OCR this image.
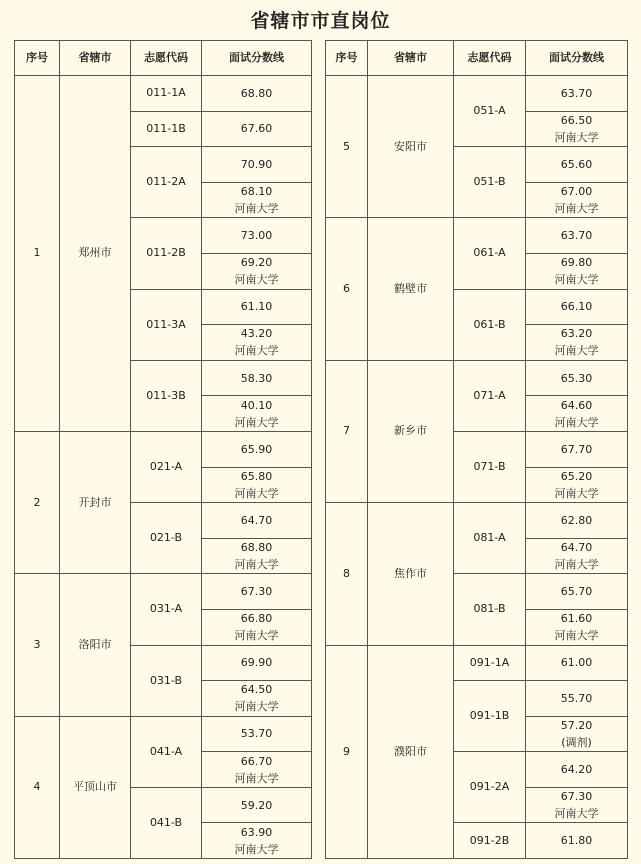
省辖市市直岗位
序号	省辖市	志愿代码	面试分数线
1	郑州市	011-1A	68.80

		011-1B	67.60

		011-2A	70.90

			68.10
河南大学

		011-2B	73.00

			69.20
河南大学

		011-3A	61.10

			43.20
河南大学

		011-3B	58.30

			40.10
河南大学

2	开封市	021-A	65.90

			65.80
河南大学

		021-B	64.70

			68.80
河南大学

3	洛阳市	031-A	67.30

			66.80
河南大学

		031-B	69.90

			64.50
河南大学

4	平顶山市	041-A	53.70

			66.70
河南大学

		041-B	59.20

			63.90
河南大学
序号	省辖市	志愿代码	面试分数线
5	安阳市	051-A	63.70

			66.50
河南大学

		051-B	65.60

			67.00
河南大学

6	鹤壁市	061-A	63.70

			69.80
河南大学

		061-B	66.10

			63.20
河南大学

7	新乡市	071-A	65.30

			64.60
河南大学

		071-B	67.70

			65.20
河南大学

8	焦作市	081-A	62.80

			64.70
河南大学

		081-B	65.70

			61.60
河南大学

9	濮阳市	091-1A	61.00

		091-1B	55.70

			57.20
(调剂)

		091-2A	64.20

			67.30
河南大学

		091-2B	61.80
